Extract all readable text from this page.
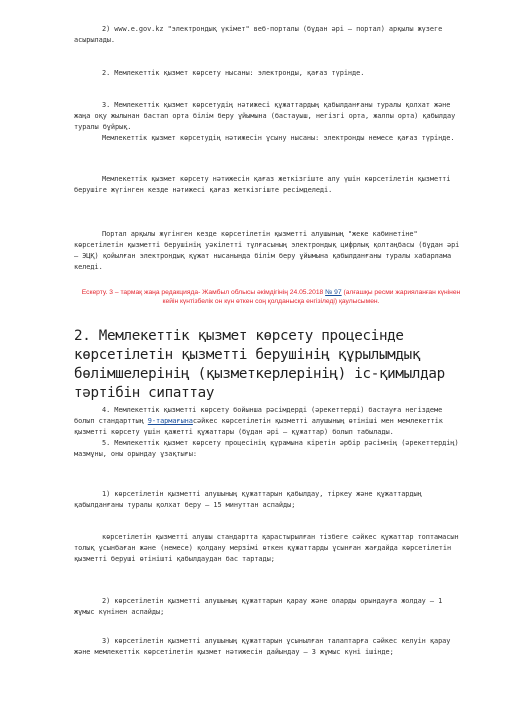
2) www.e.gov.kz "электрондық үкімет" веб-порталы (бұдан әрі – портал) арқылы жүзеге асырылады.

2. Мемлекеттік қызмет көрсету нысаны: электронды, қағаз түрінде.

3. Мемлекеттік қызмет көрсетудің нәтижесі құжаттардың қабылданғаны туралы қолхат және жаңа оқу жылынан бастап орта білім беру ұйымына (бастауыш, негізгі орта, жалпы орта) қабылдау туралы бұйрық.

Мемлекеттік қызмет көрсетудің нәтижесін ұсыну нысаны: электронды немесе қағаз түрінде.

Мемлекеттік қызмет көрсету нәтижесін қағаз жеткізгіште алу үшін көрсетілетін қызметті берушіге жүгінген кезде нәтижесі қағаз жеткізгіште ресімделеді.

Портал арқылы жүгінген кезде көрсетілетін қызметті алушының "жеке кабинетіне" көрсетілетін қызметті берушінің уәкілетті тұлғасының электрондық цифрлық қолтаңбасы (бұдан әрі – ЭЦҚ) қойылған электрондық құжат нысанында білім беру ұйымына қабылданғаны туралы хабарлама келеді.

Ескерту. 3 – тармақ жаңа редакцияда- Жамбыл облысы әкімдігінің 24.05.2018 № 97 (алғашқы ресми жарияланған күнінен кейін күнтізбелік он күн өткен соң қолданысқа енгізіледі) қаулысымен.

2. Мемлекеттік қызмет көрсету процесінде көрсетілетін қызметті берушінің құрылымдық бөлімшелерінің (қызметкерлерінің) іс-қимылдар тәртібін сипаттау

4. Мемлекеттік қызметті көрсету бойынша рәсімдерді (әрекеттерді) бастауға негіздеме болып стандарттың 9-тармағынасәйкес көрсетілетін қызметті алушының өтініші мен мемлекеттік қызметті көрсету үшін қажетті құжаттары (бұдан әрі – құжаттар) болып табылады.

5. Мемлекеттік қызмет көрсету процесінің құрамына кіретін әрбір рәсімнің (әрекеттердің) мазмұны, оны орындау ұзақтығы:

1) көрсетілетін қызметті алушының құжаттарын қабылдау, тіркеу және құжаттардың қабылданғаны туралы қолхат беру – 15 минуттан аспайды;

көрсетілетін қызметті алушы стандартта қарастырылған тізбеге сәйкес құжаттар топтамасын толық ұсынбаған және (немесе) қолдану мерзімі өткен құжаттарды ұсынған жағдайда көрсетілетін қызметті беруші өтінішті қабылдаудан бас тартады;

2) көрсетілетін қызметті алушының құжаттарын қарау және оларды орындауға жолдау – 1 жұмыс күнінен аспайды;

3) көрсетілетін қызметті алушының құжаттарын ұсынылған талаптарға сәйкес келуін қарау және мемлекеттік көрсетілетін қызмет нәтижесін дайындау – 3 жұмыс күні ішінде;
